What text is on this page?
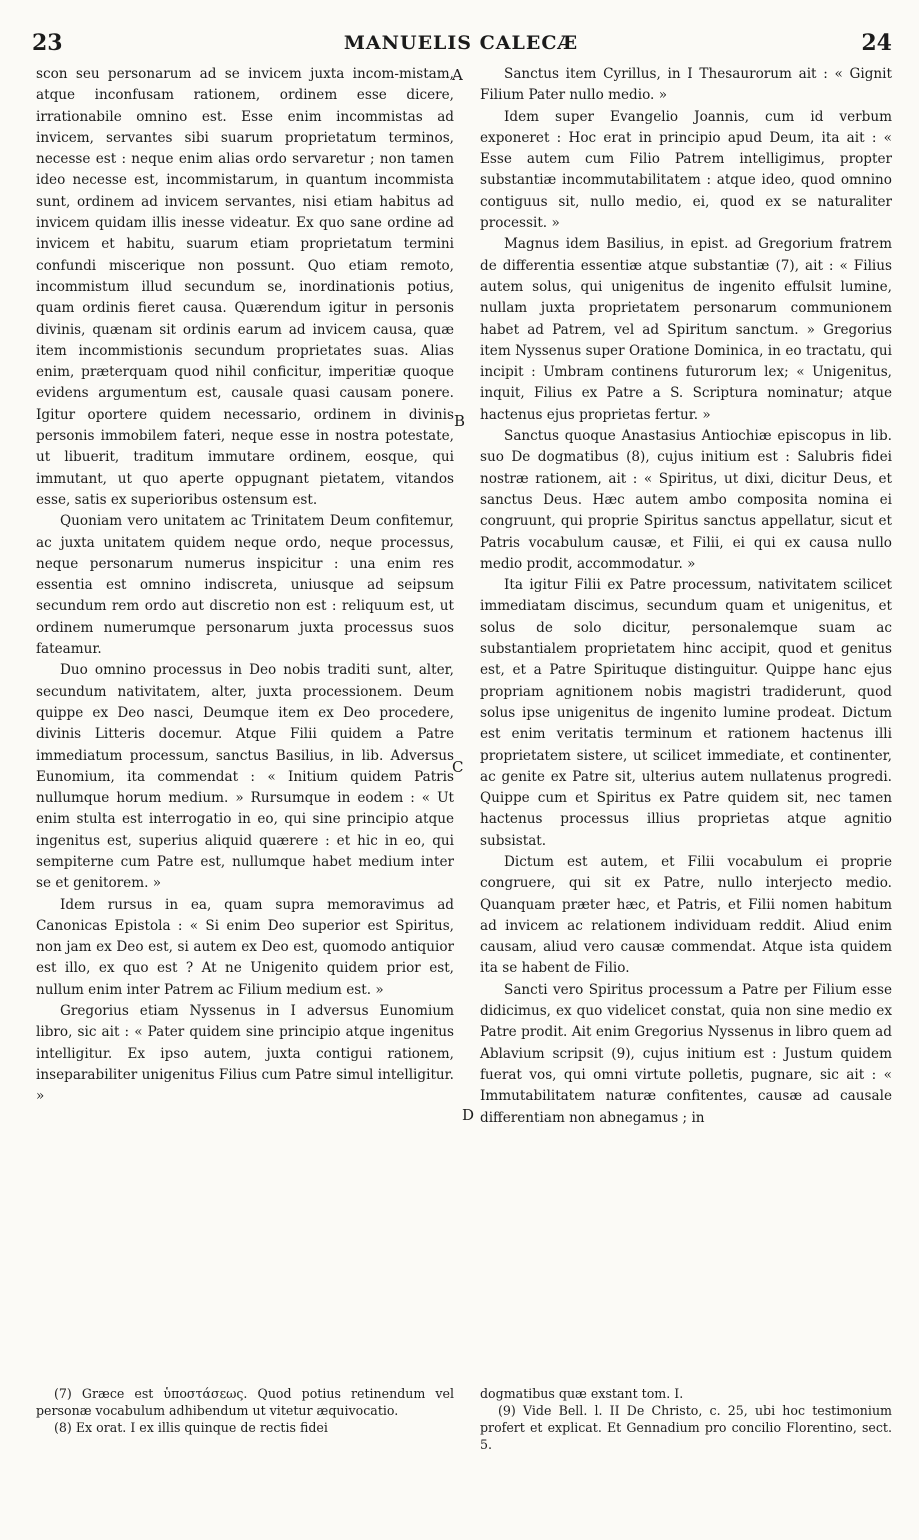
23	MANUELIS CALECÆ	24

scon seu personarum ad se invicem juxta incom-mistam, atque inconfusam rationem, ordinem esse dicere, irrationabile omnino est. Esse enim incommistas ad invicem, servantes sibi suarum proprietatum terminos, necesse est : neque enim alias ordo servaretur ; non tamen ideo necesse est, incommistarum, in quantum incommista sunt, ordinem ad invicem servantes, nisi etiam habitus ad invicem quidam illis inesse videatur. Ex quo sane ordine ad invicem et habitu, suarum etiam proprietatum termini confundi miscerique non possunt. Quo etiam remoto, incommistum illud secundum se, inordinationis potius, quam ordinis fieret causa. Quærendum igitur in personis divinis, quænam sit ordinis earum ad invicem causa, quæ item incommistionis secundum proprietates suas. Alias enim, præterquam quod nihil conficitur, imperitiæ quoque evidens argumentum est, causale quasi causam ponere. Igitur oportere quidem necessario, ordinem in divinis personis immobilem fateri, neque esse in nostra potestate, ut libuerit, traditum immutare ordinem, eosque, qui immutant, ut quo aperte oppugnant pietatem, vitandos esse, satis ex superioribus ostensum est.

Quoniam vero unitatem ac Trinitatem Deum confitemur, ac juxta unitatem quidem neque ordo, neque processus, neque personarum numerus inspicitur : una enim res essentia est omnino indiscreta, uniusque ad seipsum secundum rem ordo aut discretio non est : reliquum est, ut ordinem numerumque personarum juxta processus suos fateamur.

Duo omnino processus in Deo nobis traditi sunt, alter, secundum nativitatem, alter, juxta processionem. Deum quippe ex Deo nasci, Deumque item ex Deo procedere, divinis Litteris docemur. Atque Filii quidem a Patre immediatum processum, sanctus Basilius, in lib. Adversus Eunomium, ita commendat : « Initium quidem Patris nullumque horum medium. » Rursumque in eodem : « Ut enim stulta est interrogatio in eo, qui sine principio atque ingenitus est, superius aliquid quærere : et hic in eo, qui sempiterne cum Patre est, nullumque habet medium inter se et genitorem. »

Idem rursus in ea, quam supra memoravimus ad Canonicas Epistola : « Si enim Deo superior est Spiritus, non jam ex Deo est, si autem ex Deo est, quomodo antiquior est illo, ex quo est ? At ne Unigenito quidem prior est, nullum enim inter Patrem ac Filium medium est. »

Gregorius etiam Nyssenus in I adversus Eunomium libro, sic ait : « Pater quidem sine principio atque ingenitus intelligitur. Ex ipso autem, juxta contigui rationem, inseparabiliter unigenitus Filius cum Patre simul intelligitur. »

Sanctus item Cyrillus, in I Thesaurorum ait : « Gignit Filium Pater nullo medio. »

Idem super Evangelio Joannis, cum id verbum exponeret : Hoc erat in principio apud Deum, ita ait : « Esse autem cum Filio Patrem intelligimus, propter substantiæ incommutabilitatem : atque ideo, quod omnino contiguus sit, nullo medio, ei, quod ex se naturaliter processit. »

Magnus idem Basilius, in epist. ad Gregorium fratrem de differentia essentiæ atque substantiæ (7), ait : « Filius autem solus, qui unigenitus de ingenito effulsit lumine, nullam juxta proprietatem personarum communionem habet ad Patrem, vel ad Spiritum sanctum. » Gregorius item Nyssenus super Oratione Dominica, in eo tractatu, qui incipit : Umbram continens futurorum lex; « Unigenitus, inquit, Filius ex Patre a S. Scriptura nominatur; atque hactenus ejus proprietas fertur. »

Sanctus quoque Anastasius Antiochiæ episcopus in lib. suo De dogmatibus (8), cujus initium est : Salubris fidei nostræ rationem, ait : « Spiritus, ut dixi, dicitur Deus, et sanctus Deus. Hæc autem ambo composita nomina ei congruunt, qui proprie Spiritus sanctus appellatur, sicut et Patris vocabulum causæ, et Filii, ei qui ex causa nullo medio prodit, accommodatur. »

Ita igitur Filii ex Patre processum, nativitatem scilicet immediatam discimus, secundum quam et unigenitus, et solus de solo dicitur, personalemque suam ac substantialem proprietatem hinc accipit, quod et genitus est, et a Patre Spirituque distinguitur. Quippe hanc ejus propriam agnitionem nobis magistri tradiderunt, quod solus ipse unigenitus de ingenito lumine prodeat. Dictum est enim veritatis terminum et rationem hactenus illi proprietatem sistere, ut scilicet immediate, et continenter, ac genite ex Patre sit, ulterius autem nullatenus progredi. Quippe cum et Spiritus ex Patre quidem sit, nec tamen hactenus processus illius proprietas atque agnitio subsistat.

Dictum est autem, et Filii vocabulum ei proprie congruere, qui sit ex Patre, nullo interjecto medio. Quanquam præter hæc, et Patris, et Filii nomen habitum ad invicem ac relationem individuam reddit. Aliud enim causam, aliud vero causæ commendat. Atque ista quidem ita se habent de Filio.

Sancti vero Spiritus processum a Patre per Filium esse didicimus, ex quo videlicet constat, quia non sine medio ex Patre prodit. Ait enim Gregorius Nyssenus in libro quem ad Ablavium scripsit (9), cujus initium est : Justum quidem fuerat vos, qui omni virtute polletis, pugnare, sic ait : « Immutabilitatem naturæ confitentes, causæ ad causale differentiam non abnegamus ; in

A
B
C
D

(7) Græce est ὑποστάσεως. Quod potius retinendum vel personæ vocabulum adhibendum ut vitetur æquivocatio.

(8) Ex orat. I ex illis quinque de rectis fidei

dogmatibus quæ exstant tom. I.

(9) Vide Bell. l. II De Christo, c. 25, ubi hoc testimonium profert et explicat. Et Gennadium pro concilio Florentino, sect. 5.
